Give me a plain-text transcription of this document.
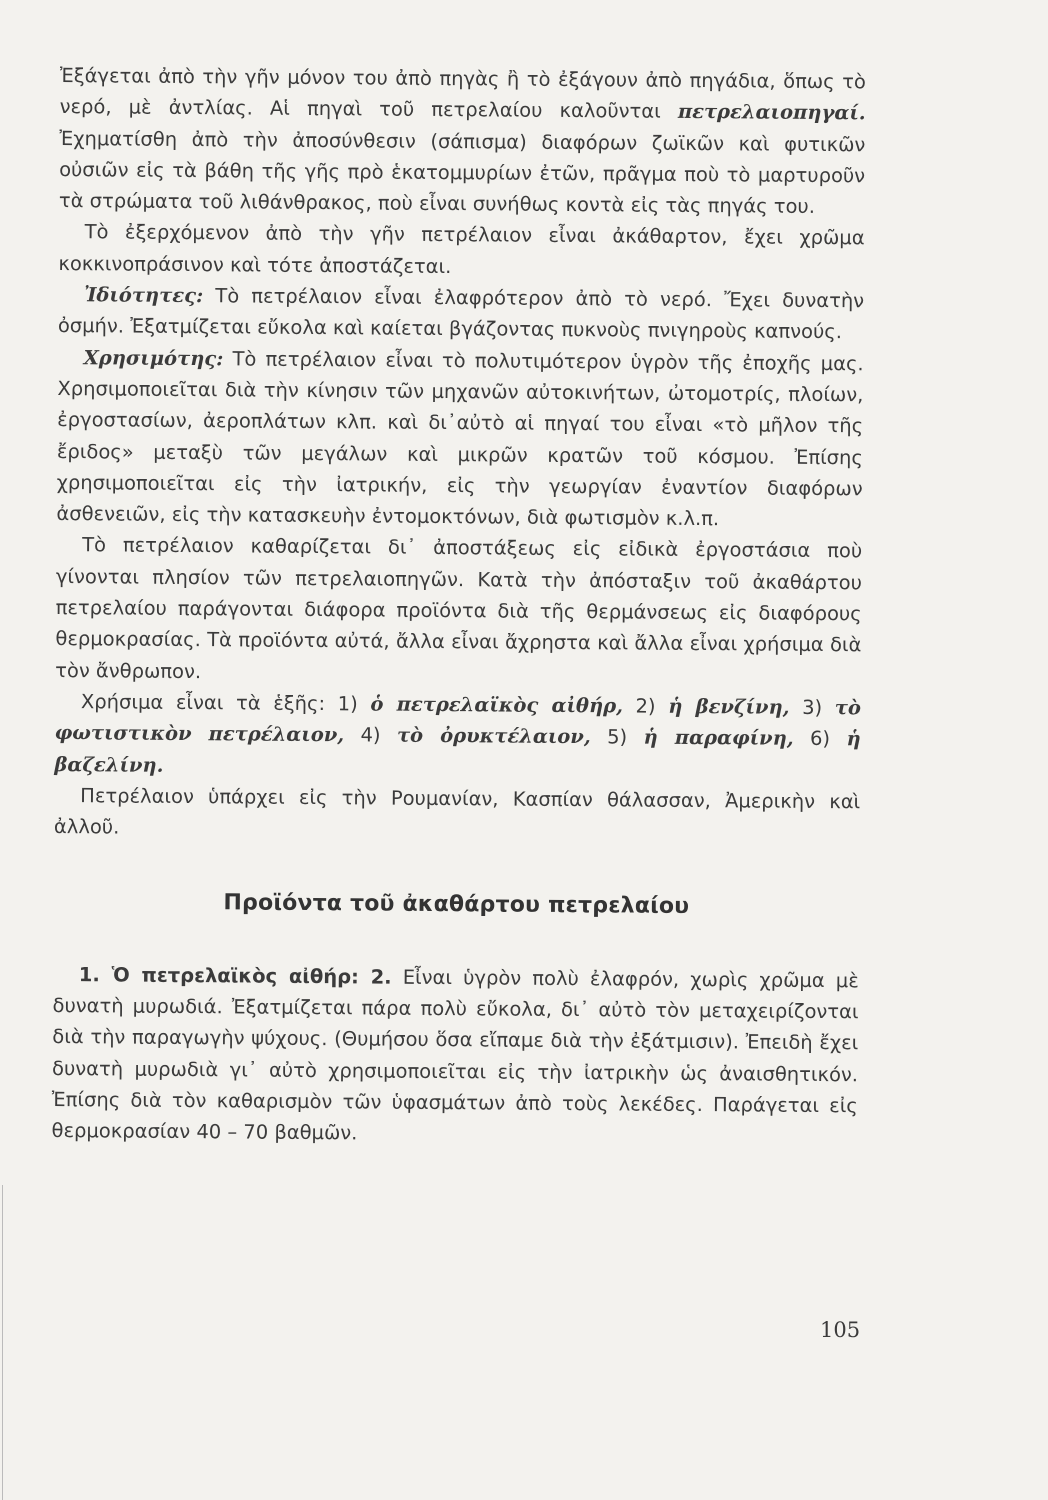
Ἐξάγεται ἀπὸ τὴν γῆν μόνον του ἀπὸ πηγὰς ἢ τὸ ἐξάγουν ἀπὸ πηγάδια, ὅπως τὸ νερό, μὲ ἀντλίας. Αἱ πηγαὶ τοῦ πετρελαίου καλοῦνται πετρελαιοπηγαί. Ἐχηματίσθη ἀπὸ τὴν ἀποσύνθεσιν (σάπισμα) διαφόρων ζωϊκῶν καὶ φυτικῶν οὐσιῶν εἰς τὰ βάθη τῆς γῆς πρὸ ἑκατομμυρίων ἐτῶν, πρᾶγμα ποὺ τὸ μαρτυροῦν τὰ στρώματα τοῦ λιθάνθρακος, ποὺ εἶναι συνήθως κοντὰ εἰς τὰς πηγάς του.

Τὸ ἐξερχόμενον ἀπὸ τὴν γῆν πετρέλαιον εἶναι ἀκάθαρτον, ἔχει χρῶμα κοκκινοπράσινον καὶ τότε ἀποστάζεται.

Ἰδιότητες: Τὸ πετρέλαιον εἶναι ἐλαφρότερον ἀπὸ τὸ νερό. Ἔχει δυνατὴν ὀσμήν. Ἐξατμίζεται εὔκολα καὶ καίεται βγάζοντας πυκνοὺς πνιγηροὺς καπνούς.

Χρησιμότης: Τὸ πετρέλαιον εἶναι τὸ πολυτιμότερον ὑγρὸν τῆς ἐποχῆς μας. Χρησιμοποιεῖται διὰ τὴν κίνησιν τῶν μηχανῶν αὐτοκινήτων, ὠτομοτρίς, πλοίων, ἐργοστασίων, ἀεροπλάτων κλπ. καὶ δι᾿αὐτὸ αἱ πηγαί του εἶναι «τὸ μῆλον τῆς ἔριδος» μεταξὺ τῶν μεγάλων καὶ μικρῶν κρατῶν τοῦ κόσμου. Ἐπίσης χρησιμοποιεῖται εἰς τὴν ἰατρικήν, εἰς τὴν γεωργίαν ἐναντίον διαφόρων ἀσθενειῶν, εἰς τὴν κατασκευὴν ἐντομοκτόνων, διὰ φωτισμὸν κ.λ.π.

Τὸ πετρέλαιον καθαρίζεται δι᾿ ἀποστάξεως εἰς εἰδικὰ ἐργοστάσια ποὺ γίνονται πλησίον τῶν πετρελαιοπηγῶν. Κατὰ τὴν ἀπόσταξιν τοῦ ἀκαθάρτου πετρελαίου παράγονται διάφορα προϊόντα διὰ τῆς θερμάνσεως εἰς διαφόρους θερμοκρασίας. Τὰ προϊόντα αὐτά, ἄλλα εἶναι ἄχρηστα καὶ ἄλλα εἶναι χρήσιμα διὰ τὸν ἄνθρωπον.

Χρήσιμα εἶναι τὰ ἑξῆς: 1) ὁ πετρελαϊκὸς αἰθήρ, 2) ἡ βενζίνη, 3) τὸ φωτιστικὸν πετρέλαιον, 4) τὸ ὀρυκτέλαιον, 5) ἡ παραφίνη, 6) ἡ βαζελίνη.

Πετρέλαιον ὑπάρχει εἰς τὴν Ρουμανίαν, Κασπίαν θάλασσαν, Ἀμερικὴν καὶ ἀλλοῦ.

Προϊόντα τοῦ ἀκαθάρτου πετρελαίου

1. Ὁ πετρελαϊκὸς αἰθήρ: 2. Εἶναι ὑγρὸν πολὺ ἐλαφρόν, χωρὶς χρῶμα μὲ δυνατὴ μυρωδιά. Ἐξατμίζεται πάρα πολὺ εὔκολα, δι᾿ αὐτὸ τὸν μεταχειρίζονται διὰ τὴν παραγωγὴν ψύχους. (Θυμήσου ὅσα εἴπαμε διὰ τὴν ἐξάτμισιν). Ἐπειδὴ ἔχει δυνατὴ μυρωδιὰ γι᾿ αὐτὸ χρησιμοποιεῖται εἰς τὴν ἰατρικὴν ὡς ἀναισθητικόν. Ἐπίσης διὰ τὸν καθαρισμὸν τῶν ὑφασμάτων ἀπὸ τοὺς λεκέδες. Παράγεται εἰς θερμοκρασίαν 40 – 70 βαθμῶν.

105
